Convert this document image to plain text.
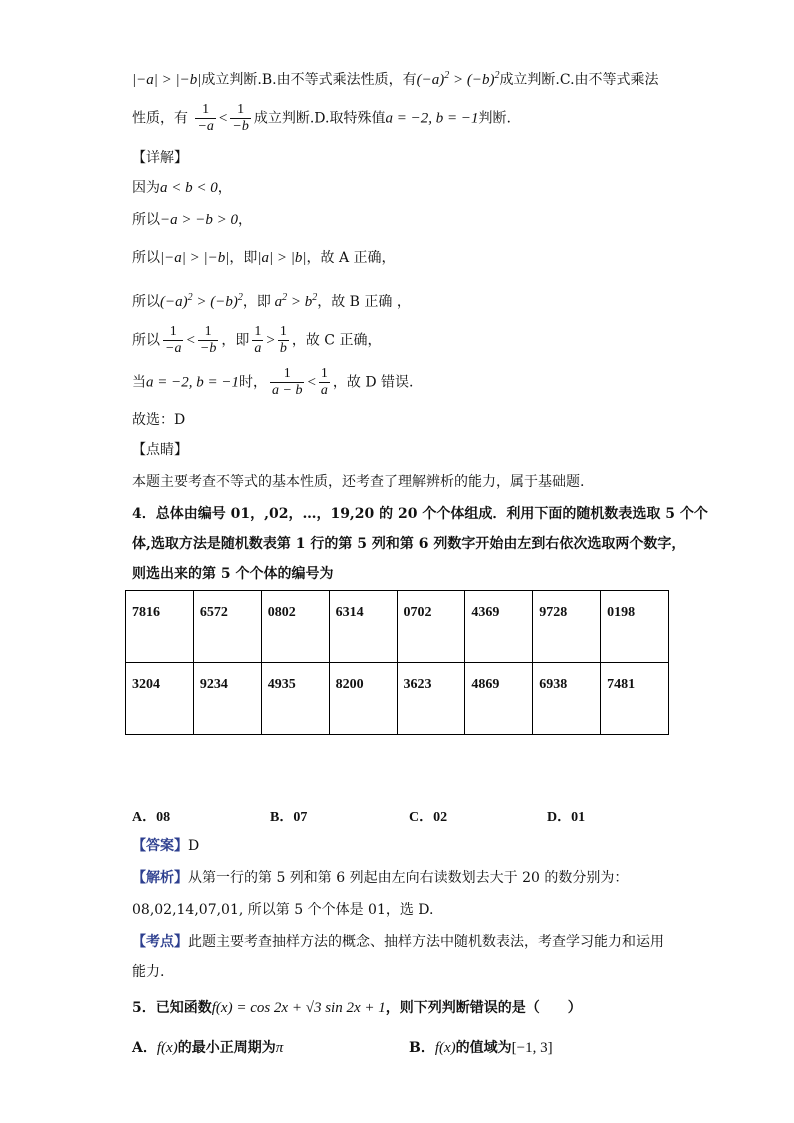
|−a| > |−b|成立判断.B.由不等式乘法性质，有$(-a)^2 > (-b)^2$成立判断.C.由不等式乘法
性质，有 $\frac{1}{-a} < \frac{1}{-b}$ 成立判断.D.取特殊值a = −2, b = −1判断.
【详解】
因为a < b < 0，
所以−a > −b > 0，
所以|−a| > |−b|，即|a| > |b|，故 A 正确，
所以$(-a)^2 > (-b)^2$，即 $a^2 > b^2$，故 B 正确 ，
所以 $\frac{1}{-a} < \frac{1}{-b}$ ，即 $\frac{1}{a} > \frac{1}{b}$ ，故 C 正确，
当a = −2, b = −1时， $\frac{1}{a - b} < \frac{1}{a}$ ，故 D 错误.
故选：D
【点睛】
本题主要考查不等式的基本性质，还考查了理解辨析的能力，属于基础题.
4．总体由编号 01，,02，…，19,20 的 20 个个体组成．利用下面的随机数表选取 5 个个
体,选取方法是随机数表第 1 行的第 5 列和第 6 列数字开始由左到右依次选取两个数字，
则选出来的第 5 个个体的编号为
7816	6572	0802	6314	0702	4369	9728	0198
3204	9234	4935	8200	3623	4869	6938	7481
A．08	B．07	C．02	D．01
【答案】D
【解析】从第一行的第 5 列和第 6 列起由左向右读数划去大于 20 的数分别为：
08,02,14,07,01, 所以第 5 个个体是 01，选 D.
【考点】此题主要考查抽样方法的概念、抽样方法中随机数表法，考查学习能力和运用
能力.
5．已知函数f(x) = cos 2x + √3 sin 2x + 1，则下列判断错误的是（　　）
A．f(x)的最小正周期为π	B．f(x)的值域为[−1, 3]
